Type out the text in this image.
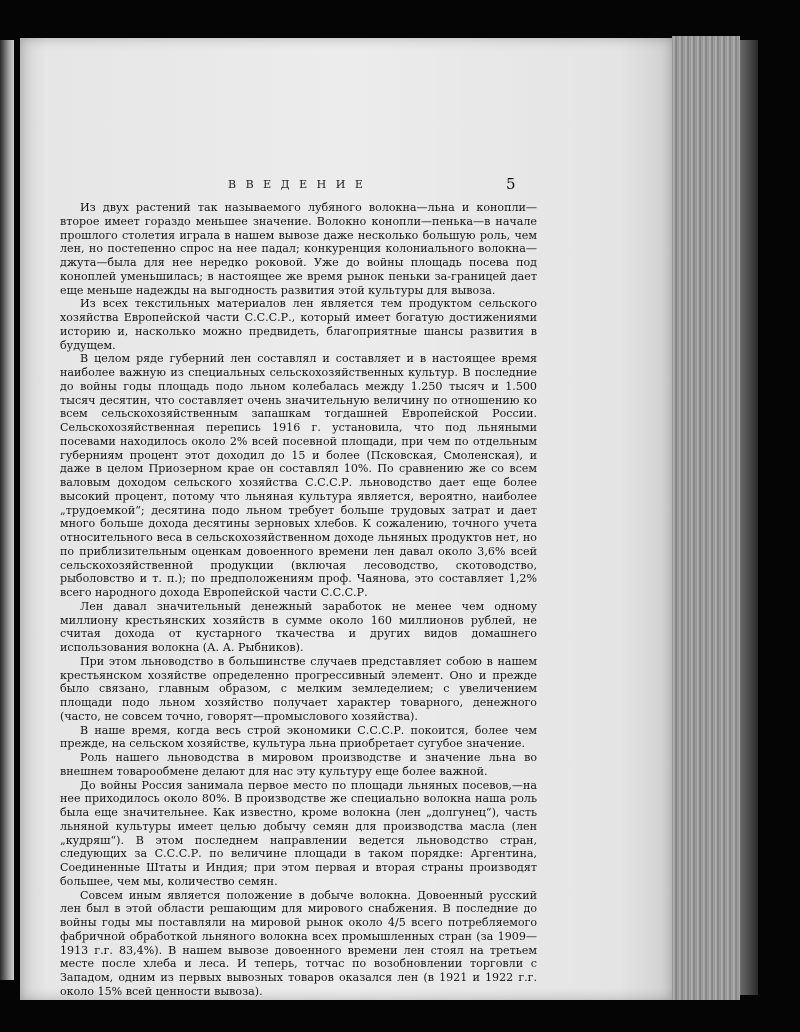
В В Е Д Е Н И Е	5

Из двух растений так называемого лубяного волокна—льна и конопли—второе имеет гораздо меньшее значение. Волокно конопли—пенька—в начале прошлого столетия играла в нашем вывозе даже несколько большую роль, чем лен, но постепенно спрос на нее падал; конкуренция колониального волокна—джута—была для нее нередко роковой. Уже до войны площадь посева под коноплей уменьшилась; в настоящее же время рынок пеньки за-границей дает еще меньше надежды на выгодность развития этой культуры для вывоза.

Из всех текстильных материалов лен является тем продуктом сельского хозяйства Европейской части С.С.С.Р., который имеет богатую достижениями историю и, насколько можно предвидеть, благоприятные шансы развития в будущем.

В целом ряде губерний лен составлял и составляет и в настоящее время наиболее важную из специальных сельскохозяйственных культур. В последние до войны годы площадь подо льном колебалась между 1.250 тысяч и 1.500 тысяч десятин, что составляет очень значительную величину по отношению ко всем сельскохозяйственным запашкам тогдашней Европейской России. Сельскохозяйственная перепись 1916 г. установила, что под льняными посевами находилось около 2% всей посевной площади, при чем по отдельным губерниям процент этот доходил до 15 и более (Псковская, Смоленская), и даже в целом Приозерном крае он составлял 10%. По сравнению же со всем валовым доходом сельского хозяйства С.С.С.Р. льноводство дает еще более высокий процент, потому что льняная культура является, вероятно, наиболее „трудоемкой“; десятина подо льном требует больше трудовых затрат и дает много больше дохода десятины зерновых хлебов. К сожалению, точного учета относительного веса в сельскохозяйственном доходе льняных продуктов нет, но по приблизительным оценкам довоенного времени лен давал около 3,6% всей сельскохозяйственной продукции (включая лесоводство, скотоводство, рыболовство и т. п.); по предположениям проф. Чаянова, это составляет 1,2% всего народного дохода Европейской части С.С.С.Р.

Лен давал значительный денежный заработок не менее чем одному миллиону крестьянских хозяйств в сумме около 160 миллионов рублей, не считая дохода от кустарного ткачества и других видов домашнего использования волокна (А. А. Рыбников).

При этом льноводство в большинстве случаев представляет собою в нашем крестьянском хозяйстве определенно прогрессивный элемент. Оно и прежде было связано, главным образом, с мелким земледелием; с увеличением площади подо льном хозяйство получает характер товарного, денежного (часто, не совсем точно, говорят—промыслового хозяйства).

В наше время, когда весь строй экономики С.С.С.Р. покоится, более чем прежде, на сельском хозяйстве, культура льна приобретает сугубое значение.

Роль нашего льноводства в мировом производстве и значение льна во внешнем товарообмене делают для нас эту культуру еще более важной.

До войны Россия занимала первое место по площади льняных посевов,—на нее приходилось около 80%. В производстве же специально волокна наша роль была еще значительнее. Как известно, кроме волокна (лен „долгунец“), часть льняной культуры имеет целью добычу семян для производства масла (лен „кудряш“). В этом последнем направлении ведется льноводство стран, следующих за С.С.С.Р. по величине площади в таком порядке: Аргентина, Соединенные Штаты и Индия; при этом первая и вторая страны производят большее, чем мы, количество семян.

Совсем иным является положение в добыче волокна. Довоенный русский лен был в этой области решающим для мирового снабжения. В последние до войны годы мы поставляли на мировой рынок около 4/5 всего потребляемого фабричной обработкой льняного волокна всех промышленных стран (за 1909—1913 г.г. 83,4%). В нашем вывозе довоенного времени лен стоял на третьем месте после хлеба и леса. И теперь, тотчас по возобновлении торговли с Западом, одним из первых вывозных товаров оказался лен (в 1921 и 1922 г.г. около 15% всей ценности вывоза).
